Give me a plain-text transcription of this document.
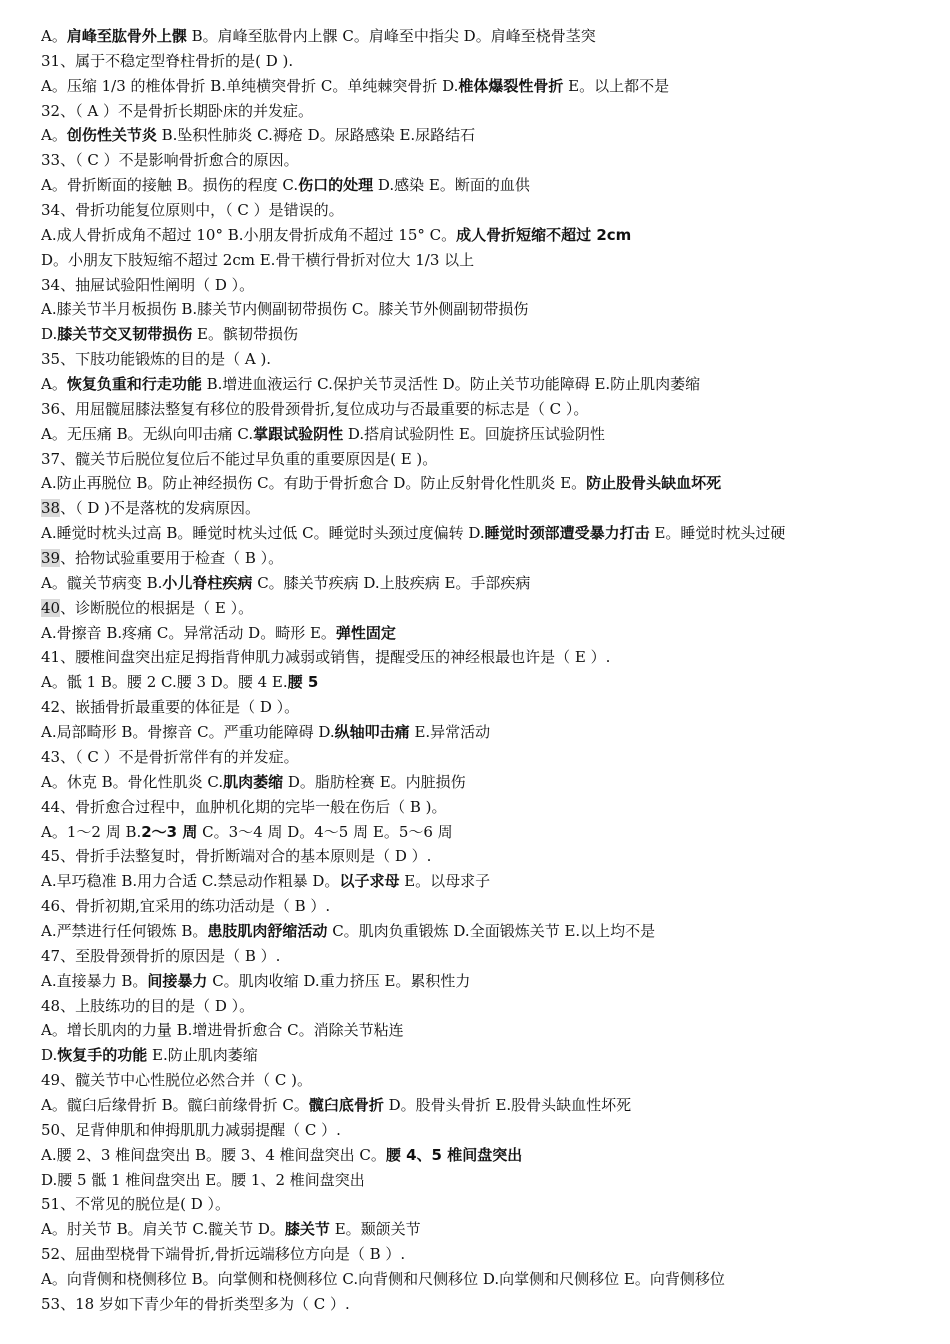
A。肩峰至肱骨外上髁 B。肩峰至肱骨内上髁 C。肩峰至中指尖 D。肩峰至桡骨茎突
31、属于不稳定型脊柱骨折的是( D ).
A。压缩 1/3 的椎体骨折 B.单纯横突骨折 C。单纯棘突骨折 D.椎体爆裂性骨折 E。以上都不是
32、（ A ）不是骨折长期卧床的并发症。
A。创伤性关节炎 B.坠积性肺炎 C.褥疮 D。尿路感染 E.尿路结石
33、（ C ）不是影响骨折愈合的原因。
A。骨折断面的接触 B。损伤的程度 C.伤口的处理 D.感染 E。断面的血供
34、骨折功能复位原则中，（ C ）是错误的。
A.成人骨折成角不超过 10° B.小朋友骨折成角不超过 15° C。成人骨折短缩不超过 2cm
D。小朋友下肢短缩不超过 2cm E.骨干横行骨折对位大 1/3 以上
34、抽屉试验阳性阐明（ D ）。
A.膝关节半月板损伤 B.膝关节内侧副韧带损伤 C。膝关节外侧副韧带损伤
D.膝关节交叉韧带损伤 E。髌韧带损伤
35、下肢功能锻炼的目的是（ A ).
A。恢复负重和行走功能 B.增进血液运行 C.保护关节灵活性 D。防止关节功能障碍 E.防止肌肉萎缩
36、用屈髋屈膝法整复有移位的股骨颈骨折,复位成功与否最重要的标志是（ C ）。
A。无压痛 B。无纵向叩击痛 C.掌跟试验阴性 D.搭肩试验阴性 E。回旋挤压试验阴性
37、髋关节后脱位复位后不能过早负重的重要原因是( E )。
A.防止再脱位 B。防止神经损伤 C。有助于骨折愈合 D。防止反射骨化性肌炎 E。防止股骨头缺血坏死
38、（ D )不是落枕的发病原因。
A.睡觉时枕头过高 B。睡觉时枕头过低 C。睡觉时头颈过度偏转 D.睡觉时颈部遭受暴力打击 E。睡觉时枕头过硬
39、拾物试验重要用于检查（ B ）。
A。髋关节病变 B.小儿脊柱疾病 C。膝关节疾病 D.上肢疾病 E。手部疾病
40、诊断脱位的根据是（ E ）。
A.骨擦音 B.疼痛 C。异常活动 D。畸形 E。弹性固定
41、腰椎间盘突出症足拇指背伸肌力减弱或销售，提醒受压的神经根最也许是（ E ）.
A。骶 1 B。腰 2 C.腰 3 D。腰 4 E.腰 5
42、嵌插骨折最重要的体征是（ D ）。
A.局部畸形 B。骨擦音 C。严重功能障碍 D.纵轴叩击痛 E.异常活动
43、（ C ）不是骨折常伴有的并发症。
A。休克 B。骨化性肌炎 C.肌肉萎缩 D。脂肪栓赛 E。内脏损伤
44、骨折愈合过程中，血肿机化期的完毕一般在伤后（ B )。
A。1～2 周 B.2～3 周 C。3～4 周 D。4～5 周 E。5～6 周
45、骨折手法整复时，骨折断端对合的基本原则是（ D ）.
A.早巧稳准 B.用力合适 C.禁忌动作粗暴 D。以子求母 E。以母求子
46、骨折初期,宜采用的练功活动是（ B ）.
A.严禁进行任何锻炼 B。患肢肌肉舒缩活动 C。肌肉负重锻炼 D.全面锻炼关节 E.以上均不是
47、至股骨颈骨折的原因是（ B ）.
A.直接暴力 B。间接暴力 C。肌肉收缩 D.重力挤压 E。累积性力
48、上肢练功的目的是（ D ）。
A。增长肌肉的力量 B.增进骨折愈合 C。消除关节粘连
D.恢复手的功能 E.防止肌肉萎缩
49、髋关节中心性脱位必然合并（ C )。
A。髋臼后缘骨折 B。髋臼前缘骨折 C。髋臼底骨折 D。股骨头骨折 E.股骨头缺血性坏死
50、足背伸肌和伸拇肌肌力减弱提醒（ C ）.
A.腰 2、3 椎间盘突出 B。腰 3、4 椎间盘突出 C。腰 4、5 椎间盘突出
D.腰 5 骶 1 椎间盘突出 E。腰 1、2 椎间盘突出
51、不常见的脱位是( D ）。
A。肘关节 B。肩关节 C.髋关节 D。膝关节 E。颞颌关节
52、屈曲型桡骨下端骨折,骨折远端移位方向是（ B ）.
A。向背侧和桡侧移位 B。向掌侧和桡侧移位 C.向背侧和尺侧移位 D.向掌侧和尺侧移位 E。向背侧移位
53、18 岁如下青少年的骨折类型多为（ C ）.
